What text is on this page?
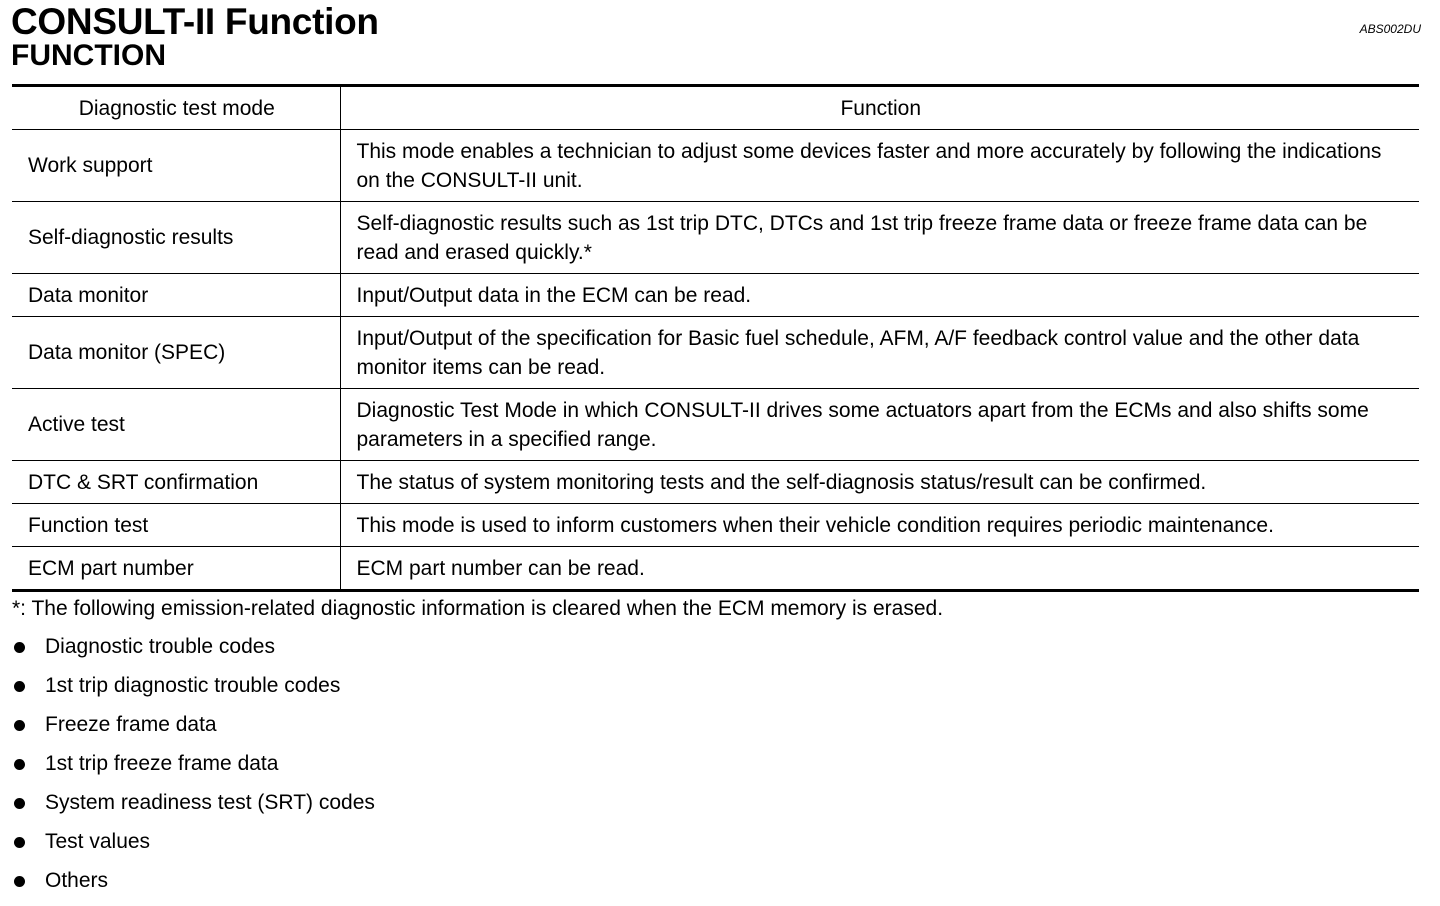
CONSULT-II Function
FUNCTION
ABS002DU
Diagnostic test mode	Function
Work support	This mode enables a technician to adjust some devices faster and more accurately by following the indications on the CONSULT-II unit.
Self-diagnostic results	Self-diagnostic results such as 1st trip DTC, DTCs and 1st trip freeze frame data or freeze frame data can be read and erased quickly.*
Data monitor	Input/Output data in the ECM can be read.
Data monitor (SPEC)	Input/Output of the specification for Basic fuel schedule, AFM, A/F feedback control value and the other data monitor items can be read.
Active test	Diagnostic Test Mode in which CONSULT-II drives some actuators apart from the ECMs and also shifts some parameters in a specified range.
DTC & SRT confirmation	The status of system monitoring tests and the self-diagnosis status/result can be confirmed.
Function test	This mode is used to inform customers when their vehicle condition requires periodic maintenance.
ECM part number	ECM part number can be read.
*: The following emission-related diagnostic information is cleared when the ECM memory is erased.
Diagnostic trouble codes
1st trip diagnostic trouble codes
Freeze frame data
1st trip freeze frame data
System readiness test (SRT) codes
Test values
Others
